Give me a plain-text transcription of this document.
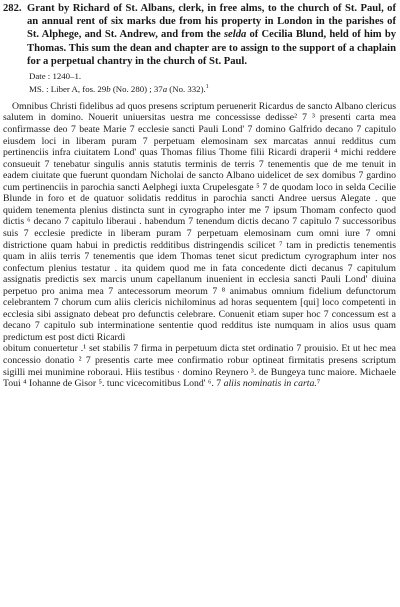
282. Grant by Richard of St. Albans, clerk, in free alms, to the church of St. Paul, of an annual rent of six marks due from his property in London in the parishes of St. Alphege, and St. Andrew, and from the selda of Cecilia Blund, held of him by Thomas. This sum the dean and chapter are to assign to the support of a chaplain for a perpetual chantry in the church of St. Paul.
Date : 1240–1.
MS. : Liber A, fos. 29b (No. 280) ; 37a (No. 332).$^1$
Omnibus Christi fidelibus ad quos presens scriptum peruenerit Ricardus de sancto Albano clericus salutem in domino. Nouerit uniuersitas uestra me concessisse dedisse² 7 ³ presenti carta mea confirmasse deo 7 beate Marie 7 ecclesie sancti Pauli Lond' 7 domino Galfrido decano 7 capitulo eiusdem loci in liberam puram 7 perpetuam elemosinam sex marcatas annui redditus cum pertinenciis infra ciuitatem Lond' quas Thomas filius Thome filii Ricardi draperii ⁴ michi reddere consueuit 7 tenebatur singulis annis statutis terminis de terris 7 tenementis que de me tenuit in eadem ciuitate que fuerunt quondam Nicholai de sancto Albano uidelicet de sex domibus 7 gardino cum pertinenciis in parochia sancti Aelphegi iuxta Crupelesgate ⁵ 7 de quodam loco in selda Cecilie Blunde in foro et de quatuor solidatis redditus in parochia sancti Andree uersus Alegate . que quidem tenementa plenius distincta sunt in cyrographo inter me 7 ipsum Thomam confecto quod dictis ⁶ decano 7 capitulo liberaui . habendum 7 tenendum dictis decano 7 capitulo 7 successoribus suis 7 ecclesie predicte in liberam puram 7 perpetuam elemosinam cum omni iure 7 omni districtione quam habui in predictis redditibus distringendis scilicet ⁷ tam in predictis tenementis quam in aliis terris 7 tenementis que idem Thomas tenet sicut predictum cyrographum inter nos confectum plenius testatur . ita quidem quod me in fata concedente dicti decanus 7 capitulum assignatis predictis sex marcis unum capellanum inuenient in ecclesia sancti Pauli Lond' diuina perpetuo pro anima mea 7 antecessorum meorum 7 ⁸ animabus omnium fidelium defunctorum celebrantem 7 chorum cum aliis clericis nichilominus ad horas sequentem [qui] loco competenti in ecclesia sibi assignato debeat pro defunctis celebrare. Conuenit etiam super hoc 7 concessum est a decano 7 capitulo sub interminatione sententie quod redditus iste numquam in alios usus quam predictum est post dicti Ricardi
obitum conuertetur .¹ set stabilis 7 firma in perpetuum dicta stet ordinatio 7 prouisio. Et ut hec mea concessio donatio ² 7 presentis carte mee confirmatio robur optineat firmitatis presens scriptum sigilli mei munimine roboraui. Hiis testibus · domino Reynero ³. de Bungeya tunc maiore. Michaele Toui ⁴ Iohanne de Gisor ⁵. tunc vicecomitibus Lond' ⁶. 7 aliis nominatis in carta.⁷
